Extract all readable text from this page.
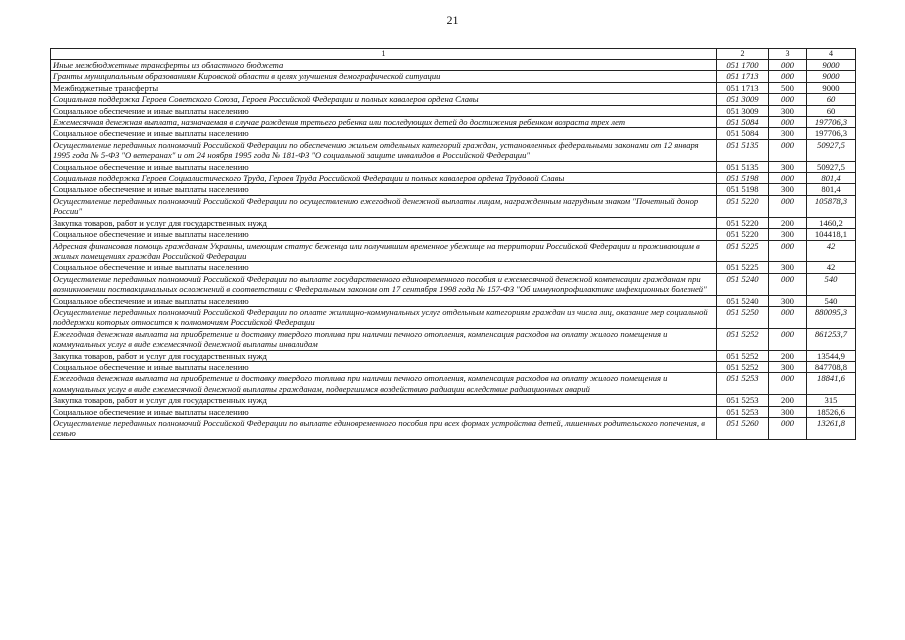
21
1	2	3	4
Иные межбюджетные трансферты из областного бюджета	051 1700	000	9000
Гранты муниципальным образованиям Кировской области в целях улучшения демографической ситуации	051 1713	000	9000
Межбюджетные трансферты	051 1713	500	9000
Социальная поддержка Героев Советского Союза, Героев Российской Федерации и полных кавалеров ордена Славы	051 3009	000	60
Социальное обеспечение и иные выплаты населению	051 3009	300	60
Ежемесячная денежная выплата, назначаемая в случае рождения третьего ребенка или последующих детей до достижения ребенком возраста трех лет	051 5084	000	197706,3
Социальное обеспечение и иные выплаты населению	051 5084	300	197706,3
Осуществление переданных полномочий Российской Федерации по обеспечению жильем отдельных категорий граждан, установленных федеральными законами от 12 января 1995 года № 5-ФЗ "О ветеранах" и от 24 ноября 1995 года № 181-ФЗ "О социальной защите инвалидов в Российской Федерации"	051 5135	000	50927,5
Социальное обеспечение и иные выплаты населению	051 5135	300	50927,5
Социальная поддержка Героев Социалистического Труда, Героев Труда Российской Федерации и полных кавалеров ордена Трудовой Славы	051 5198	000	801,4
Социальное обеспечение и иные выплаты населению	051 5198	300	801,4
Осуществление переданных полномочий Российской Федерации по осуществлению ежегодной денежной выплаты лицам, награжденным нагрудным знаком "Почетный донор России"	051 5220	000	105878,3
Закупка товаров, работ и услуг для государственных нужд	051 5220	200	1460,2
Социальное обеспечение и иные выплаты населению	051 5220	300	104418,1
Адресная финансовая помощь гражданам Украины, имеющим статус беженца или получившим временное убежище на территории Российской Федерации и проживающим в жилых помещениях граждан Российской Федерации	051 5225	000	42
Социальное обеспечение и иные выплаты населению	051 5225	300	42
Осуществление переданных полномочий Российской Федерации по выплате государственного единовременного пособия и ежемесячной денежной компенсации гражданам при возникновении поствакцинальных осложнений в соответствии с Федеральным законом от 17 сентября 1998 года № 157-ФЗ "Об иммунопрофилактике инфекционных болезней"	051 5240	000	540
Социальное обеспечение и иные выплаты населению	051 5240	300	540
Осуществление переданных полномочий Российской Федерации по оплате жилищно-коммунальных услуг отдельным категориям граждан из числа лиц, оказание мер социальной поддержки которых относится к полномочиям Российской Федерации	051 5250	000	880095,3
Ежегодная денежная выплата на приобретение и доставку твердого топлива при наличии печного отопления, компенсация расходов на оплату жилого помещения и коммунальных услуг в виде ежемесячной денежной выплаты инвалидам	051 5252	000	861253,7
Закупка товаров, работ и услуг для государственных нужд	051 5252	200	13544,9
Социальное обеспечение и иные выплаты населению	051 5252	300	847708,8
Ежегодная денежная выплата на приобретение и доставку твердого топлива при наличии печного отопления, компенсация расходов на оплату жилого помещения и коммунальных услуг в виде ежемесячной денежной выплаты гражданам, подвергшимся воздействию радиации вследствие радиационных аварий	051 5253	000	18841,6
Закупка товаров, работ и услуг для государственных нужд	051 5253	200	315
Социальное обеспечение и иные выплаты населению	051 5253	300	18526,6
Осуществление переданных полномочий Российской Федерации по выплате единовременного пособия при всех формах устройства детей, лишенных родительского попечения, в семью	051 5260	000	13261,8
